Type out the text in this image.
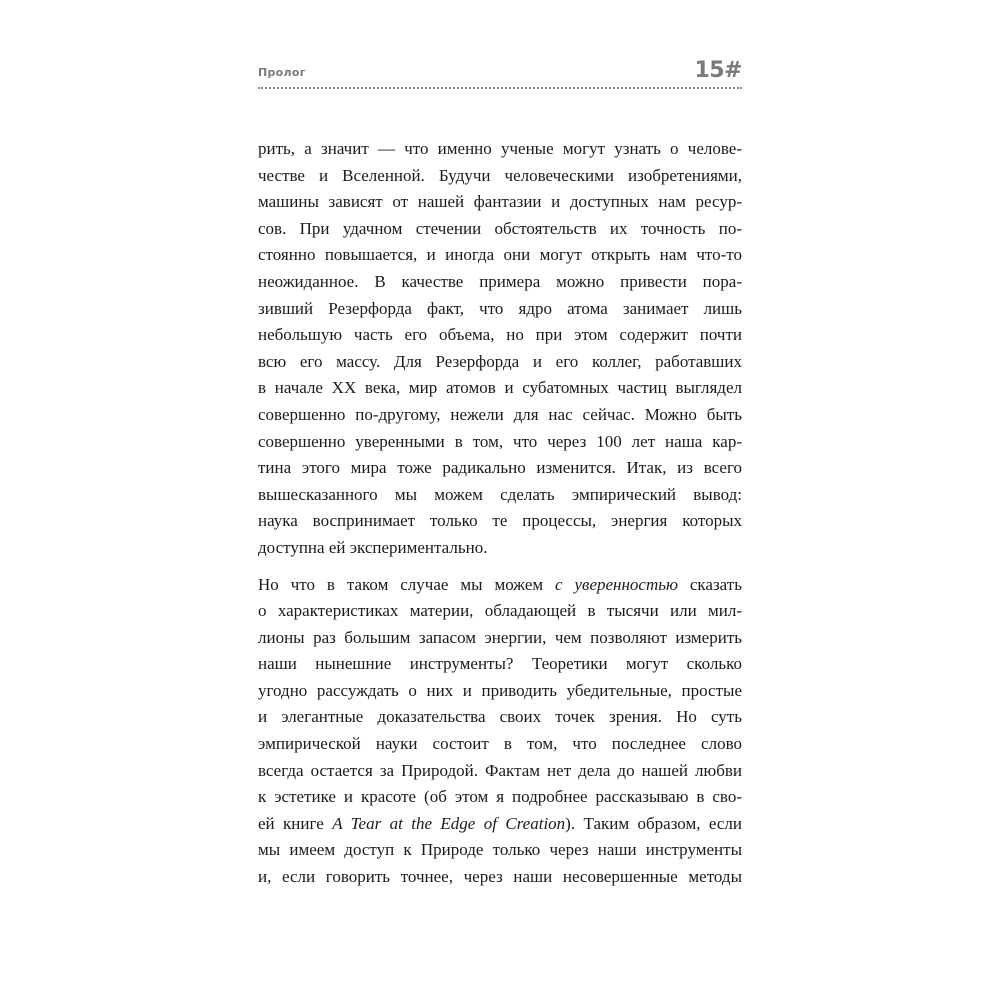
Пролог	15#

рить, а значит — что именно ученые могут узнать о челове-
честве и Вселенной. Будучи человеческими изобретениями,
машины зависят от нашей фантазии и доступных нам ресур-
сов. При удачном стечении обстоятельств их точность по-
стоянно повышается, и иногда они могут открыть нам что-то
неожиданное. В качестве примера можно привести пора-
зивший Резерфорда факт, что ядро атома занимает лишь
небольшую часть его объема, но при этом содержит почти
всю его массу. Для Резерфорда и его коллег, работавших
в начале XX века, мир атомов и субатомных частиц выглядел
совершенно по-другому, нежели для нас сейчас. Можно быть
совершенно уверенными в том, что через 100 лет наша кар-
тина этого мира тоже радикально изменится. Итак, из всего
вышесказанного мы можем сделать эмпирический вывод:
наука воспринимает только те процессы, энергия которых
доступна ей экспериментально.

Но что в таком случае мы можем с уверенностью сказать
о характеристиках материи, обладающей в тысячи или мил-
лионы раз большим запасом энергии, чем позволяют измерить
наши нынешние инструменты? Теоретики могут сколько
угодно рассуждать о них и приводить убедительные, простые
и элегантные доказательства своих точек зрения. Но суть
эмпирической науки состоит в том, что последнее слово
всегда остается за Природой. Фактам нет дела до нашей любви
к эстетике и красоте (об этом я подробнее рассказываю в сво-
ей книге A Tear at the Edge of Creation). Таким образом, если
мы имеем доступ к Природе только через наши инструменты
и, если говорить точнее, через наши несовершенные методы
